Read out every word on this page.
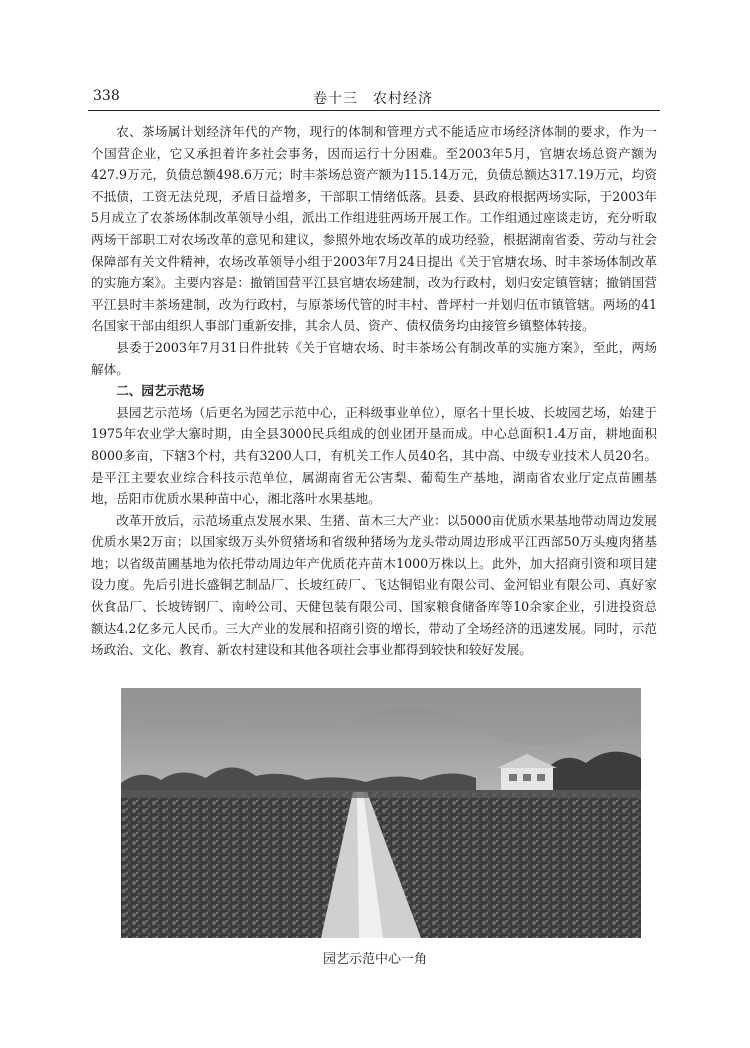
338	卷十三　农村经济

农、茶场属计划经济年代的产物，现行的体制和管理方式不能适应市场经济体制的要求，作为一个国营企业，它又承担着许多社会事务，因而运行十分困难。至2003年5月，官塘农场总资产额为427.9万元，负债总额498.6万元；时丰茶场总资产额为115.14万元，负债总额达317.19万元，均资不抵债，工资无法兑现，矛盾日益增多，干部职工情绪低落。县委、县政府根据两场实际，于2003年5月成立了农茶场体制改革领导小组，派出工作组进驻两场开展工作。工作组通过座谈走访，充分听取两场干部职工对农场改革的意见和建议，参照外地农场改革的成功经验，根据湖南省委、劳动与社会保障部有关文件精神，农场改革领导小组于2003年7月24日提出《关于官塘农场、时丰茶场体制改革的实施方案》。主要内容是：撤销国营平江县官塘农场建制，改为行政村，划归安定镇管辖；撤销国营平江县时丰茶场建制，改为行政村，与原茶场代管的时丰村、普坪村一并划归伍市镇管辖。两场的41名国家干部由组织人事部门重新安排，其余人员、资产、债权债务均由接管乡镇整体转接。

县委于2003年7月31日件批转《关于官塘农场、时丰茶场公有制改革的实施方案》，至此，两场解体。

二、园艺示范场

县园艺示范场（后更名为园艺示范中心，正科级事业单位），原名十里长坡、长坡园艺场，始建于1975年农业学大寨时期，由全县3000民兵组成的创业团开垦而成。中心总面积1.4万亩，耕地面积8000多亩，下辖3个村，共有3200人口，有机关工作人员40名，其中高、中级专业技术人员20名。是平江主要农业综合科技示范单位，属湖南省无公害梨、葡萄生产基地，湖南省农业厅定点苗圃基地，岳阳市优质水果种苗中心，湘北落叶水果基地。

改革开放后，示范场重点发展水果、生猪、苗木三大产业：以5000亩优质水果基地带动周边发展优质水果2万亩；以国家级万头外贸猪场和省级种猪场为龙头带动周边形成平江西部50万头瘦肉猪基地；以省级苗圃基地为依托带动周边年产优质花卉苗木1000万株以上。此外，加大招商引资和项目建设力度。先后引进长盛铜艺制品厂、长坡红砖厂、飞达铜铝业有限公司、金河铝业有限公司、真好家伙食品厂、长坡铸钢厂、南岭公司、天健包装有限公司、国家粮食储备库等10余家企业，引进投资总额达4.2亿多元人民币。三大产业的发展和招商引资的增长，带动了全场经济的迅速发展。同时，示范场政治、文化、教育、新农村建设和其他各项社会事业都得到较快和较好发展。

园艺示范中心一角
